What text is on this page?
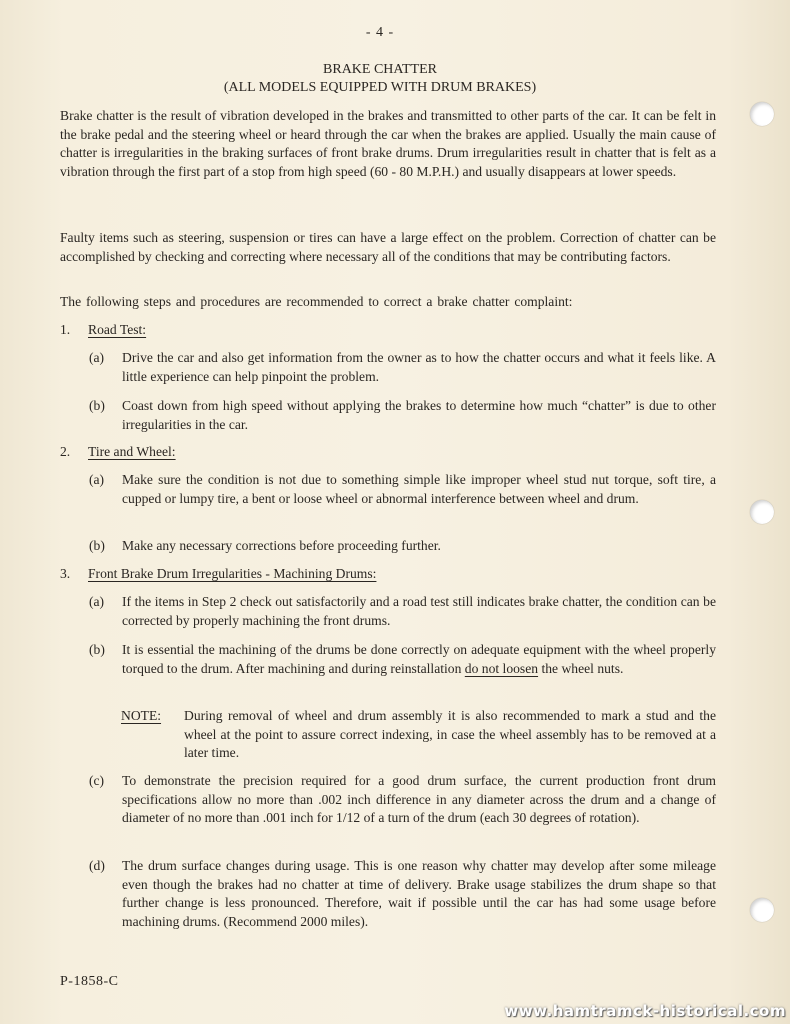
- 4 -
BRAKE CHATTER
(ALL MODELS EQUIPPED WITH DRUM BRAKES)
Brake chatter is the result of vibration developed in the brakes and transmitted to other parts of the car. It can be felt in the brake pedal and the steering wheel or heard through the car when the brakes are applied. Usually the main cause of chatter is irregularities in the braking surfaces of front brake drums. Drum irregularities result in chatter that is felt as a vibration through the first part of a stop from high speed (60 - 80 M.P.H.) and usually disappears at lower speeds.
Faulty items such as steering, suspension or tires can have a large effect on the problem. Correction of chatter can be accomplished by checking and correcting where necessary all of the conditions that may be contributing factors.
The following steps and procedures are recommended to correct a brake chatter complaint:
1. Road Test:
(a) Drive the car and also get information from the owner as to how the chatter occurs and what it feels like. A little experience can help pinpoint the problem.
(b) Coast down from high speed without applying the brakes to determine how much “chatter” is due to other irregularities in the car.
2. Tire and Wheel:
(a) Make sure the condition is not due to something simple like improper wheel stud nut torque, soft tire, a cupped or lumpy tire, a bent or loose wheel or abnormal interference between wheel and drum.
(b) Make any necessary corrections before proceeding further.
3. Front Brake Drum Irregularities - Machining Drums:
(a) If the items in Step 2 check out satisfactorily and a road test still indicates brake chatter, the condition can be corrected by properly machining the front drums.
(b) It is essential the machining of the drums be done correctly on adequate equipment with the wheel properly torqued to the drum. After machining and during reinstallation do not loosen the wheel nuts.
NOTE: During removal of wheel and drum assembly it is also recommended to mark a stud and the wheel at the point to assure correct indexing, in case the wheel assembly has to be removed at a later time.
(c) To demonstrate the precision required for a good drum surface, the current production front drum specifications allow no more than .002 inch difference in any diameter across the drum and a change of diameter of no more than .001 inch for 1/12 of a turn of the drum (each 30 degrees of rotation).
(d) The drum surface changes during usage. This is one reason why chatter may develop after some mileage even though the brakes had no chatter at time of delivery. Brake usage stabilizes the drum shape so that further change is less pronounced. Therefore, wait if possible until the car has had some usage before machining drums. (Recommend 2000 miles).
P-1858-C
www.hamtramck-historical.com
